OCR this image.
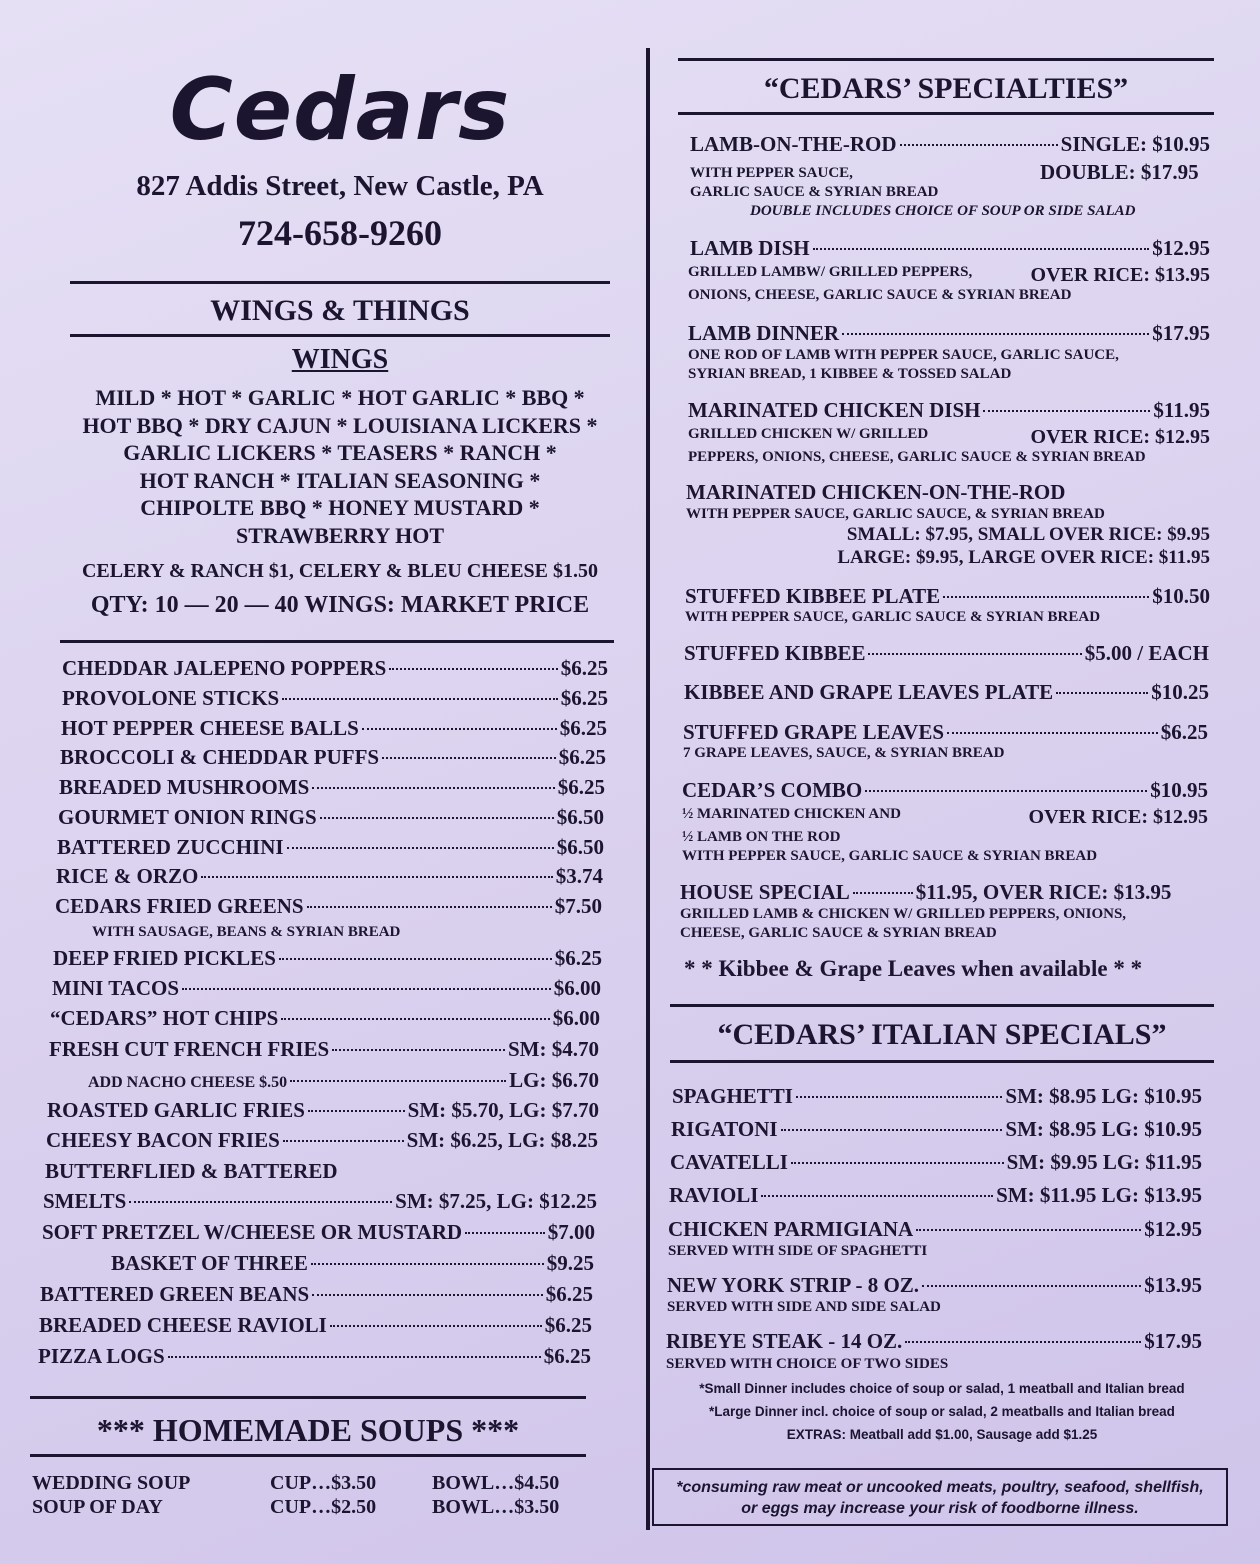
Cedars
827 Addis Street, New Castle, PA
724-658-9260
WINGS & THINGS
WINGS
MILD * HOT * GARLIC * HOT GARLIC * BBQ *
HOT BBQ * DRY CAJUN * LOUISIANA LICKERS *
GARLIC LICKERS * TEASERS * RANCH *
HOT RANCH * ITALIAN SEASONING *
CHIPOLTE BBQ * HONEY MUSTARD *
STRAWBERRY HOT
CELERY & RANCH $1, CELERY & BLEU CHEESE $1.50
QTY: 10 — 20 — 40 WINGS: MARKET PRICE
CHEDDAR JALEPENO POPPERS	$6.25
PROVOLONE STICKS	$6.25
HOT PEPPER CHEESE BALLS	$6.25
BROCCOLI & CHEDDAR PUFFS	$6.25
BREADED MUSHROOMS	$6.25
GOURMET ONION RINGS	$6.50
BATTERED ZUCCHINI	$6.50
RICE & ORZO	$3.74
CEDARS FRIED GREENS	$7.50
WITH SAUSAGE, BEANS & SYRIAN BREAD
DEEP FRIED PICKLES	$6.25
MINI TACOS	$6.00
“CEDARS” HOT CHIPS	$6.00
FRESH CUT FRENCH FRIES	SM: $4.70
ADD NACHO CHEESE $.50	LG: $6.70
ROASTED GARLIC FRIES	SM: $5.70, LG: $7.70
CHEESY BACON FRIES	SM: $6.25, LG: $8.25
BUTTERFLIED & BATTERED
SMELTS	SM: $7.25, LG: $12.25
SOFT PRETZEL W/CHEESE OR MUSTARD	$7.00
BASKET OF THREE	$9.25
BATTERED GREEN BEANS	$6.25
BREADED CHEESE RAVIOLI	$6.25
PIZZA LOGS	$6.25
*** HOMEMADE SOUPS ***
WEDDING SOUP	CUP…$3.50	BOWL…$4.50
SOUP OF DAY	CUP…$2.50	BOWL…$3.50
“CEDARS’ SPECIALTIES”
LAMB-ON-THE-ROD	SINGLE: $10.95
WITH PEPPER SAUCE,	DOUBLE: $17.95
GARLIC SAUCE & SYRIAN BREAD
DOUBLE INCLUDES CHOICE OF SOUP OR SIDE SALAD
LAMB DISH	$12.95
GRILLED LAMBW/ GRILLED PEPPERS,	OVER RICE: $13.95
ONIONS, CHEESE, GARLIC SAUCE & SYRIAN BREAD
LAMB DINNER	$17.95
ONE ROD OF LAMB WITH PEPPER SAUCE, GARLIC SAUCE,
SYRIAN BREAD, 1 KIBBEE & TOSSED SALAD
MARINATED CHICKEN DISH	$11.95
GRILLED CHICKEN W/ GRILLED	OVER RICE: $12.95
PEPPERS, ONIONS, CHEESE, GARLIC SAUCE & SYRIAN BREAD
MARINATED CHICKEN-ON-THE-ROD
WITH PEPPER SAUCE, GARLIC SAUCE, & SYRIAN BREAD
SMALL: $7.95, SMALL OVER RICE: $9.95
LARGE: $9.95, LARGE OVER RICE: $11.95
STUFFED KIBBEE PLATE	$10.50
WITH PEPPER SAUCE, GARLIC SAUCE & SYRIAN BREAD
STUFFED KIBBEE	$5.00 / EACH
KIBBEE AND GRAPE LEAVES PLATE	$10.25
STUFFED GRAPE LEAVES	$6.25
7 GRAPE LEAVES, SAUCE, & SYRIAN BREAD
CEDAR’S COMBO	$10.95
½ MARINATED CHICKEN AND	OVER RICE: $12.95
½ LAMB ON THE ROD
WITH PEPPER SAUCE, GARLIC SAUCE & SYRIAN BREAD
HOUSE SPECIAL	$11.95, OVER RICE: $13.95
GRILLED LAMB & CHICKEN W/ GRILLED PEPPERS, ONIONS,
CHEESE, GARLIC SAUCE & SYRIAN BREAD
* * Kibbee & Grape Leaves when available * *
“CEDARS’ ITALIAN SPECIALS”
SPAGHETTI	SM: $8.95 LG: $10.95
RIGATONI	SM: $8.95 LG: $10.95
CAVATELLI	SM: $9.95 LG: $11.95
RAVIOLI	SM: $11.95 LG: $13.95
CHICKEN PARMIGIANA	$12.95
SERVED WITH SIDE OF SPAGHETTI
NEW YORK STRIP - 8 OZ.	$13.95
SERVED WITH SIDE AND SIDE SALAD
RIBEYE STEAK - 14 OZ.	$17.95
SERVED WITH CHOICE OF TWO SIDES
*Small Dinner includes choice of soup or salad, 1 meatball and Italian bread
*Large Dinner incl. choice of soup or salad, 2 meatballs and Italian bread
EXTRAS: Meatball add $1.00, Sausage add $1.25
*consuming raw meat or uncooked meats, poultry, seafood, shellfish,
or eggs may increase your risk of foodborne illness.
